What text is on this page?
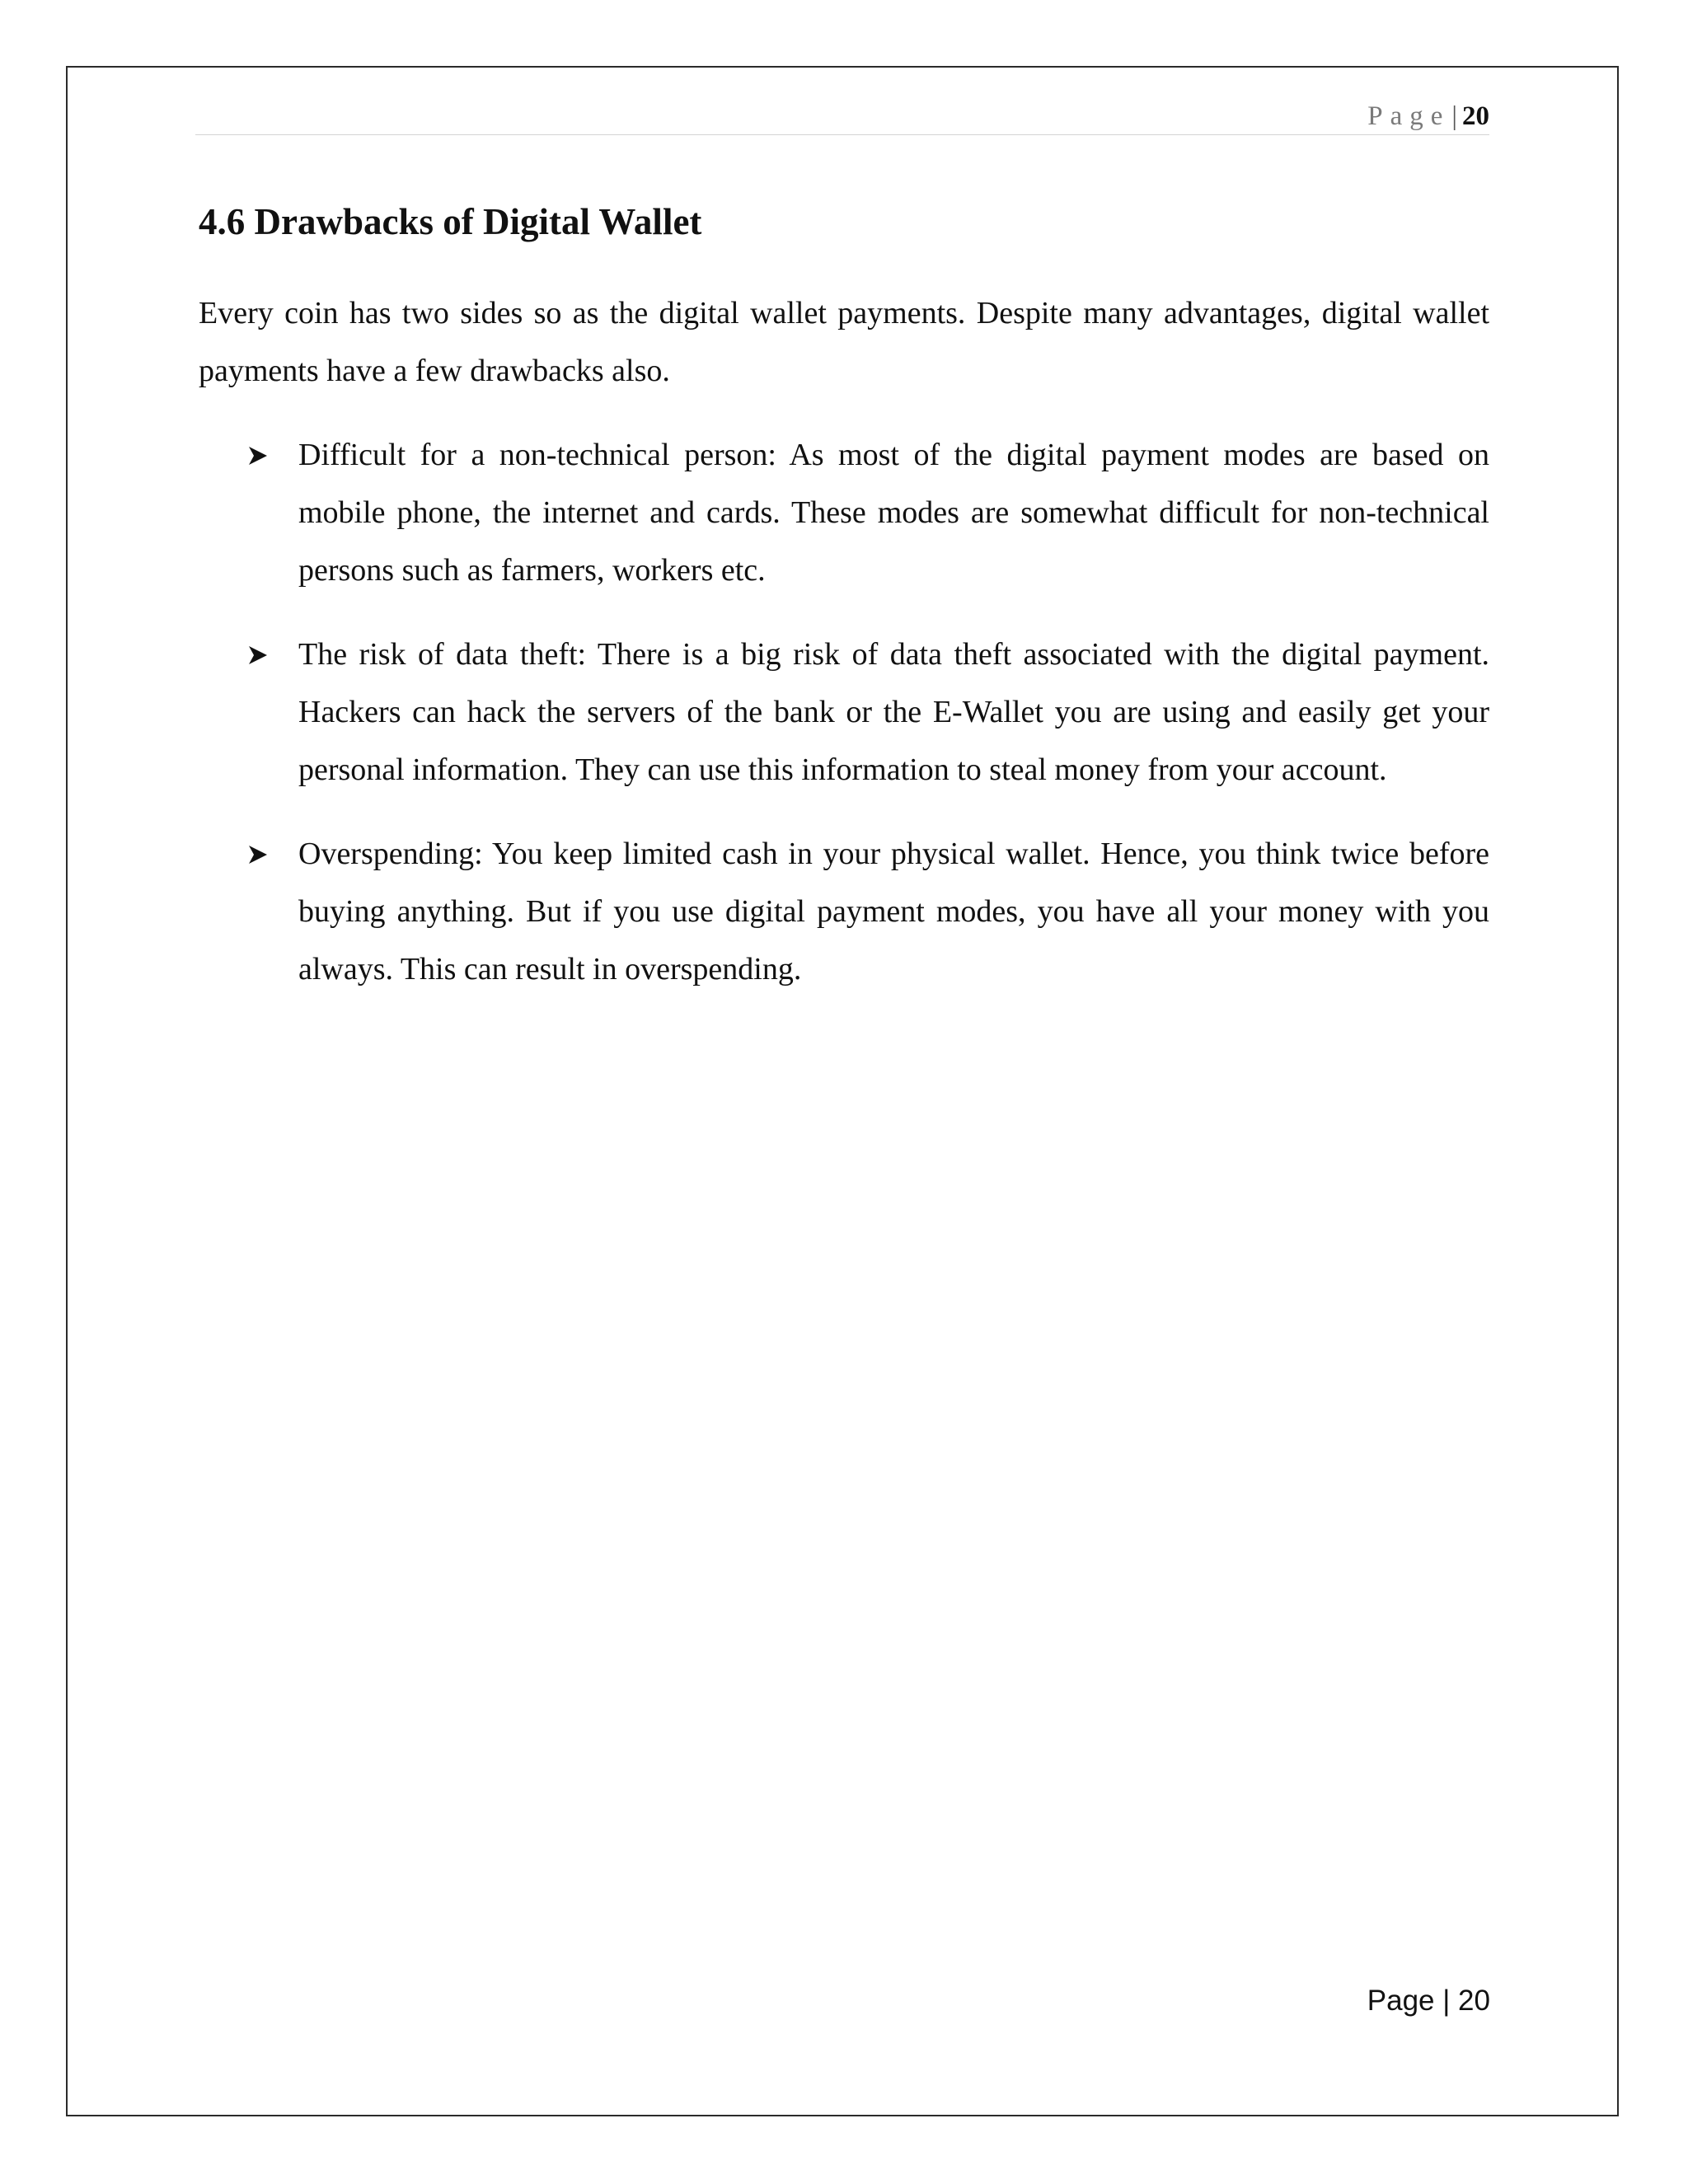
Page| 20
4.6 Drawbacks of Digital Wallet

Every coin has two sides so as the digital wallet payments. Despite many advantages, digital wallet payments have a few drawbacks also.

Difficult for a non-technical person: As most of the digital payment modes are based on mobile phone, the internet and cards. These modes are somewhat difficult for non-technical persons such as farmers, workers etc.
The risk of data theft: There is a big risk of data theft associated with the digital payment. Hackers can hack the servers of the bank or the E-Wallet you are using and easily get your personal information. They can use this information to steal money from your account.
Overspending: You keep limited cash in your physical wallet. Hence, you think twice before buying anything. But if you use digital payment modes, you have all your money with you always. This can result in overspending.
Page | 20
